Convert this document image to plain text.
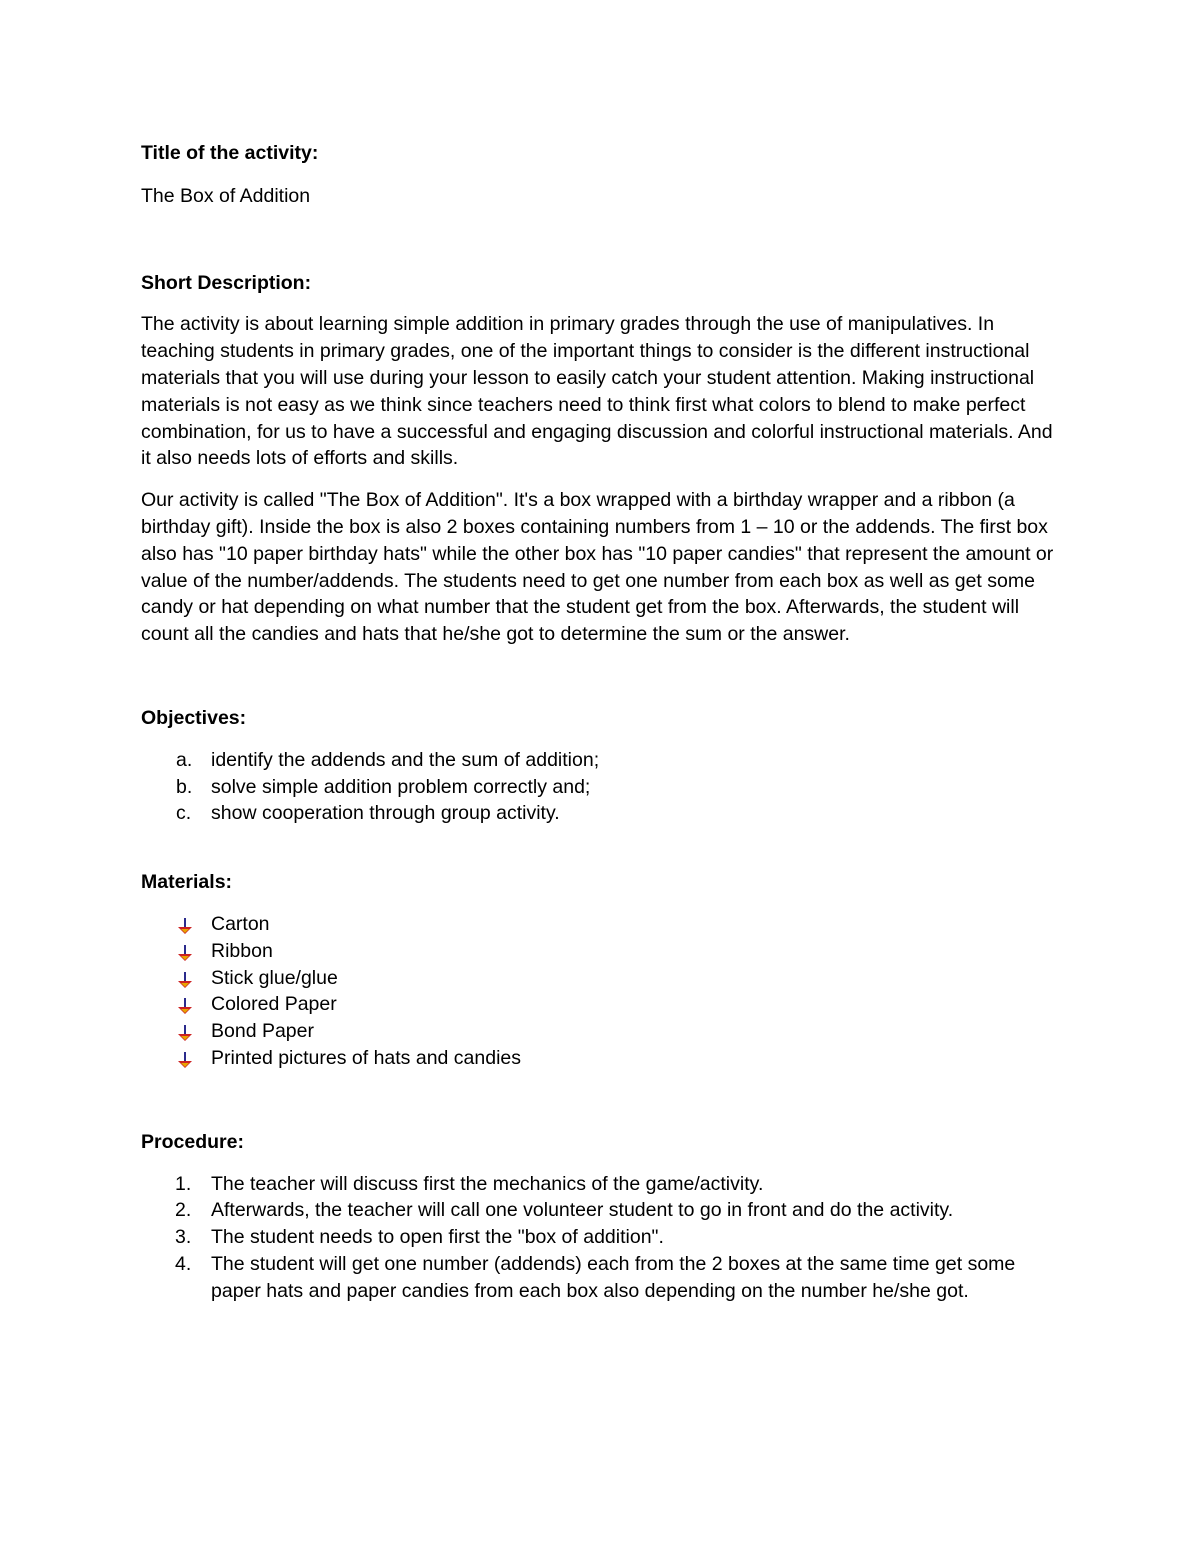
Title of the activity:

The Box of Addition

Short Description:

The activity is about learning simple addition in primary grades through the use of manipulatives. In teaching students in primary grades, one of the important things to consider is the different instructional materials that you will use during your lesson to easily catch your student attention. Making instructional materials is not easy as we think since teachers need to think first what colors to blend to make perfect combination, for us to have a successful and engaging discussion and colorful instructional materials. And it also needs lots of efforts and skills.

Our activity is called "The Box of Addition". It's a box wrapped with a birthday wrapper and a ribbon (a birthday gift). Inside the box is also 2 boxes containing numbers from 1 – 10 or the addends. The first box also has "10 paper birthday hats" while the other box has "10 paper candies" that represent the amount or value of the number/addends. The students need to get one number from each box as well as get some candy or hat depending on what number that the student get from the box. Afterwards, the student will count all the candies and hats that he/she got to determine the sum or the answer.

Objectives:

a. identify the addends and the sum of addition;
b. solve simple addition problem correctly and;
c.	show cooperation through group activity.

Materials:

Carton
Ribbon
Stick glue/glue
Colored Paper
Bond Paper
Printed pictures of hats and candies

Procedure:

1.	The teacher will discuss first the mechanics of the game/activity.
2.	Afterwards, the teacher will call one volunteer student to go in front and do the activity.
3.	The student needs to open first the "box of addition".
4.	The student will get one number (addends) each from the 2 boxes at the same time get some paper hats and paper candies from each box also depending on the number he/she got.
